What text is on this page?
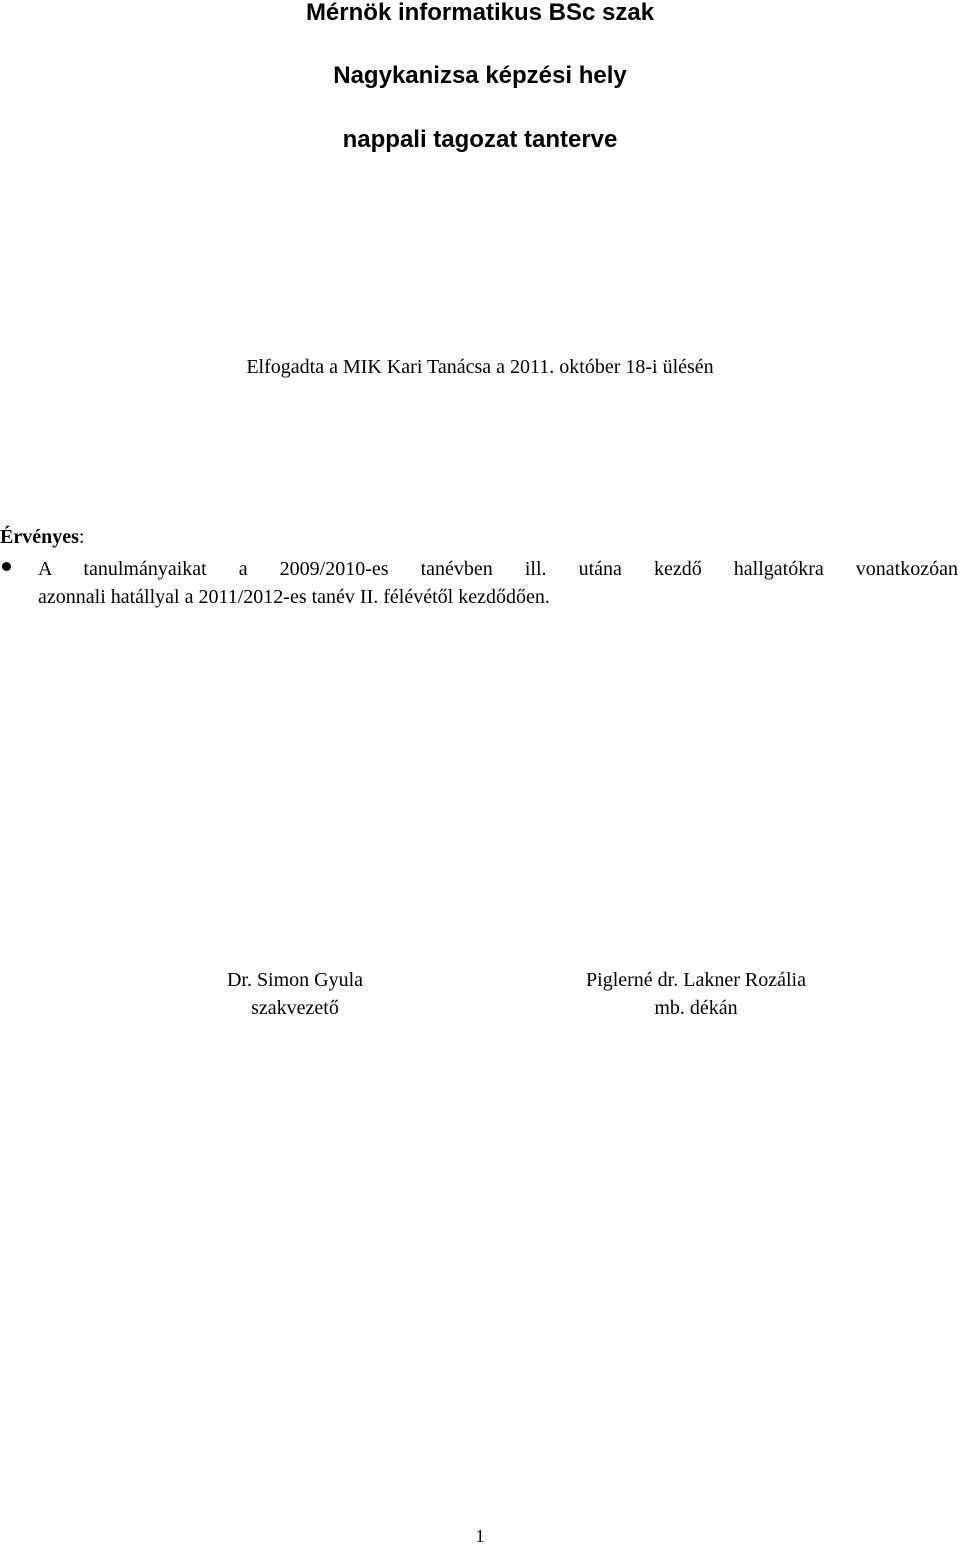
Mérnök informatikus BSc szak
Nagykanizsa képzési hely
nappali tagozat tanterve
Elfogadta a MIK Kari Tanácsa a 2011. október 18-i ülésén
Érvényes:
A tanulmányaikat a 2009/2010-es tanévben ill. utána kezdő hallgatókra vonatkozóan
azonnali hatállyal a 2011/2012-es tanév II. félévétől kezdődően.
Dr. Simon Gyula
szakvezető
Piglerné dr. Lakner Rozália
mb. dékán
1
